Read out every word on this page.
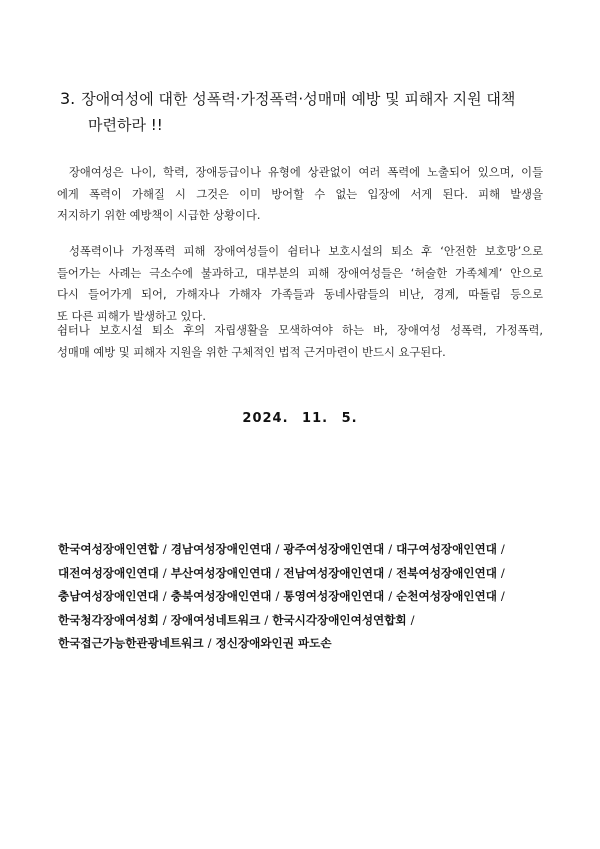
3. 장애여성에 대한 성폭력·가정폭력·성매매 예방 및 피해자 지원 대책
마련하라 !!

장애여성은 나이, 학력, 장애등급이나 유형에 상관없이 여러 폭력에 노출되어 있으며, 이들
에게 폭력이 가해질 시 그것은 이미 방어할 수 없는 입장에 서게 된다. 피해 발생을
저지하기 위한 예방책이 시급한 상황이다.

성폭력이나 가정폭력 피해 장애여성들이 쉼터나 보호시설의 퇴소 후 ‘안전한 보호망’으로
들어가는 사례는 극소수에 불과하고, 대부분의 피해 장애여성들은 ‘허술한 가족체계’ 안으로
다시 들어가게 되어, 가해자나 가해자 가족들과 동네사람들의 비난, 경계, 따돌림 등으로
또 다른 피해가 발생하고 있다.

쉼터나 보호시설 퇴소 후의 자립생활을 모색하여야 하는 바, 장애여성 성폭력, 가정폭력,
성매매 예방 및 피해자 지원을 위한 구체적인 법적 근거마련이 반드시 요구된다.

2024. 11. 5.
한국여성장애인연합 / 경남여성장애인연대 / 광주여성장애인연대 / 대구여성장애인연대 /
대전여성장애인연대 / 부산여성장애인연대 / 전남여성장애인연대 / 전북여성장애인연대 /
충남여성장애인연대 / 충북여성장애인연대 / 통영여성장애인연대 / 순천여성장애인연대 /
한국청각장애여성회 / 장애여성네트워크 / 한국시각장애인여성연합회 /
한국접근가능한관광네트워크 / 정신장애와인권 파도손
